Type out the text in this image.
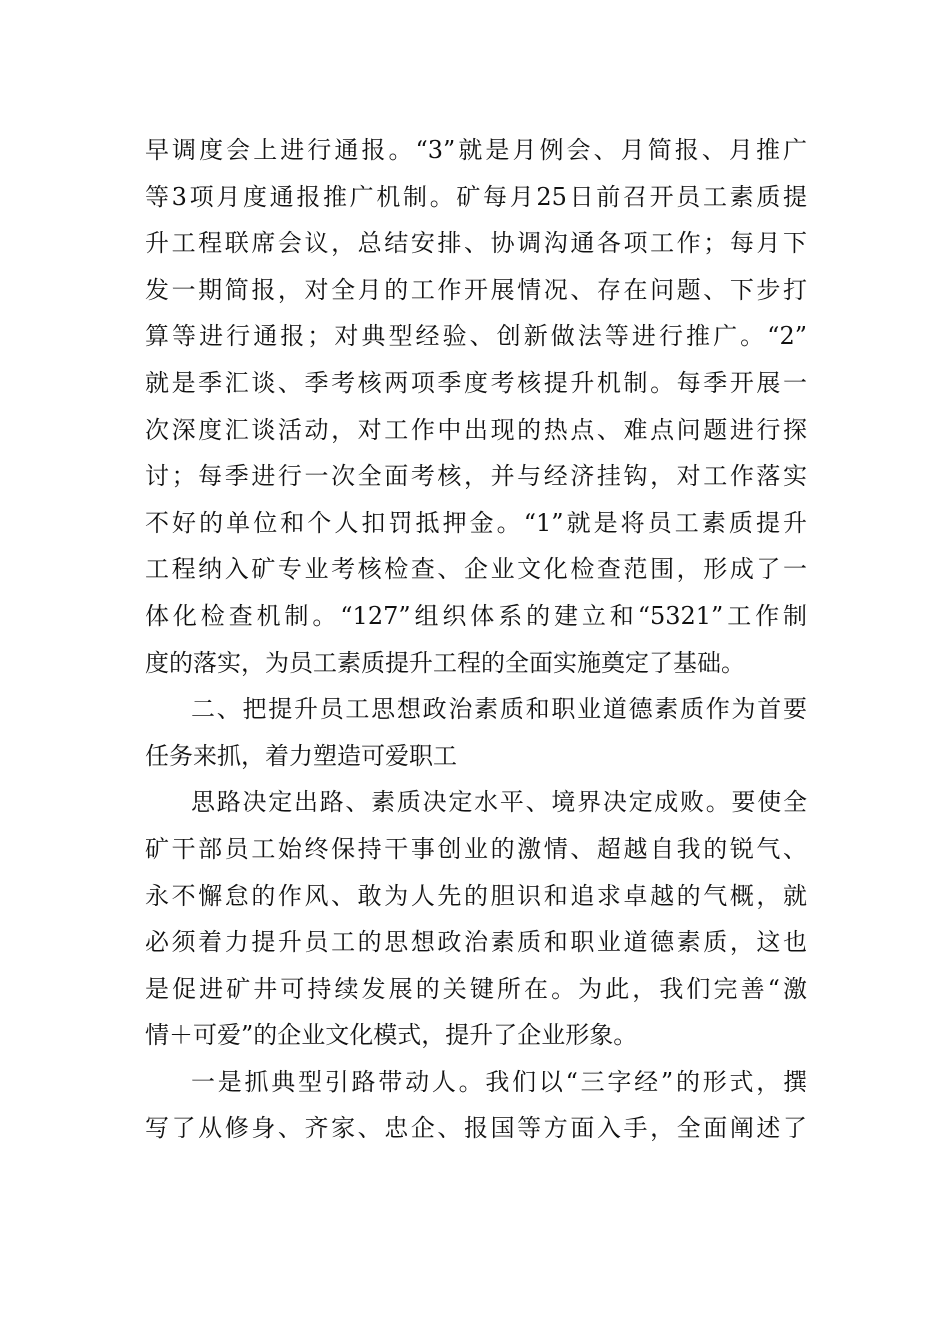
早调度会上进行通报。“3”就是月例会、月简报、月推广
等3项月度通报推广机制。矿每月25日前召开员工素质提
升工程联席会议，总结安排、协调沟通各项工作；每月下
发一期简报，对全月的工作开展情况、存在问题、下步打
算等进行通报；对典型经验、创新做法等进行推广。“2”
就是季汇谈、季考核两项季度考核提升机制。每季开展一
次深度汇谈活动，对工作中出现的热点、难点问题进行探
讨；每季进行一次全面考核，并与经济挂钩，对工作落实
不好的单位和个人扣罚抵押金。“1”就是将员工素质提升
工程纳入矿专业考核检查、企业文化检查范围，形成了一
体化检查机制。“127”组织体系的建立和“5321”工作制
度的落实，为员工素质提升工程的全面实施奠定了基础。
二、把提升员工思想政治素质和职业道德素质作为首要
任务来抓，着力塑造可爱职工
思路决定出路、素质决定水平、境界决定成败。要使全
矿干部员工始终保持干事创业的激情、超越自我的锐气、
永不懈怠的作风、敢为人先的胆识和追求卓越的气概，就
必须着力提升员工的思想政治素质和职业道德素质，这也
是促进矿井可持续发展的关键所在。为此，我们完善“激
情＋可爱”的企业文化模式，提升了企业形象。
一是抓典型引路带动人。我们以“三字经”的形式，撰
写了从修身、齐家、忠企、报国等方面入手，全面阐述了
